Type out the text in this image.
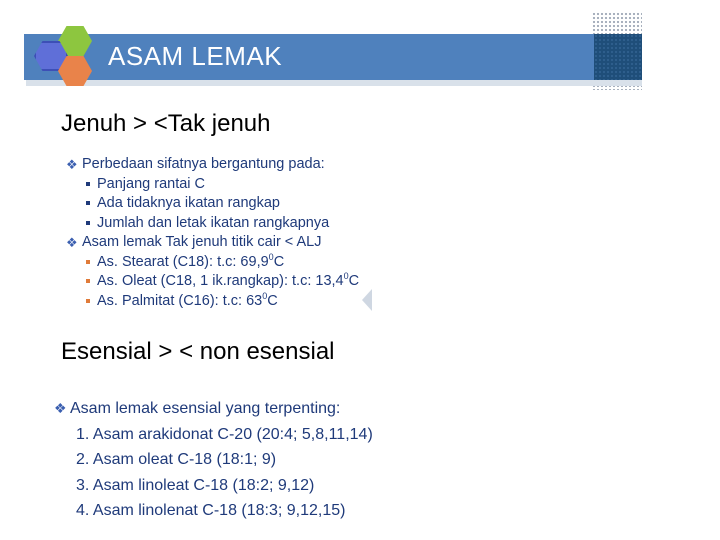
ASAM LEMAK
Jenuh > <Tak jenuh
❖ Perbedaan sifatnya bergantung pada:
Panjang rantai C
Ada tidaknya ikatan rangkap
Jumlah dan letak ikatan rangkapnya
❖ Asam lemak Tak jenuh titik cair < ALJ
As. Stearat (C18): t.c: 69,9$^0$C
As. Oleat (C18, 1 ik.rangkap): t.c: 13,4$^0$C
As. Palmitat (C16): t.c: $63^0C$
Esensial > < non esensial
❖ Asam lemak esensial yang terpenting:
1. Asam arakidonat C-20 (20:4; 5,8,11,14)
2. Asam oleat C-18 (18:1; 9)
3. Asam linoleat C-18 (18:2; 9,12)
4. Asam linolenat C-18 (18:3; 9,12,15)
